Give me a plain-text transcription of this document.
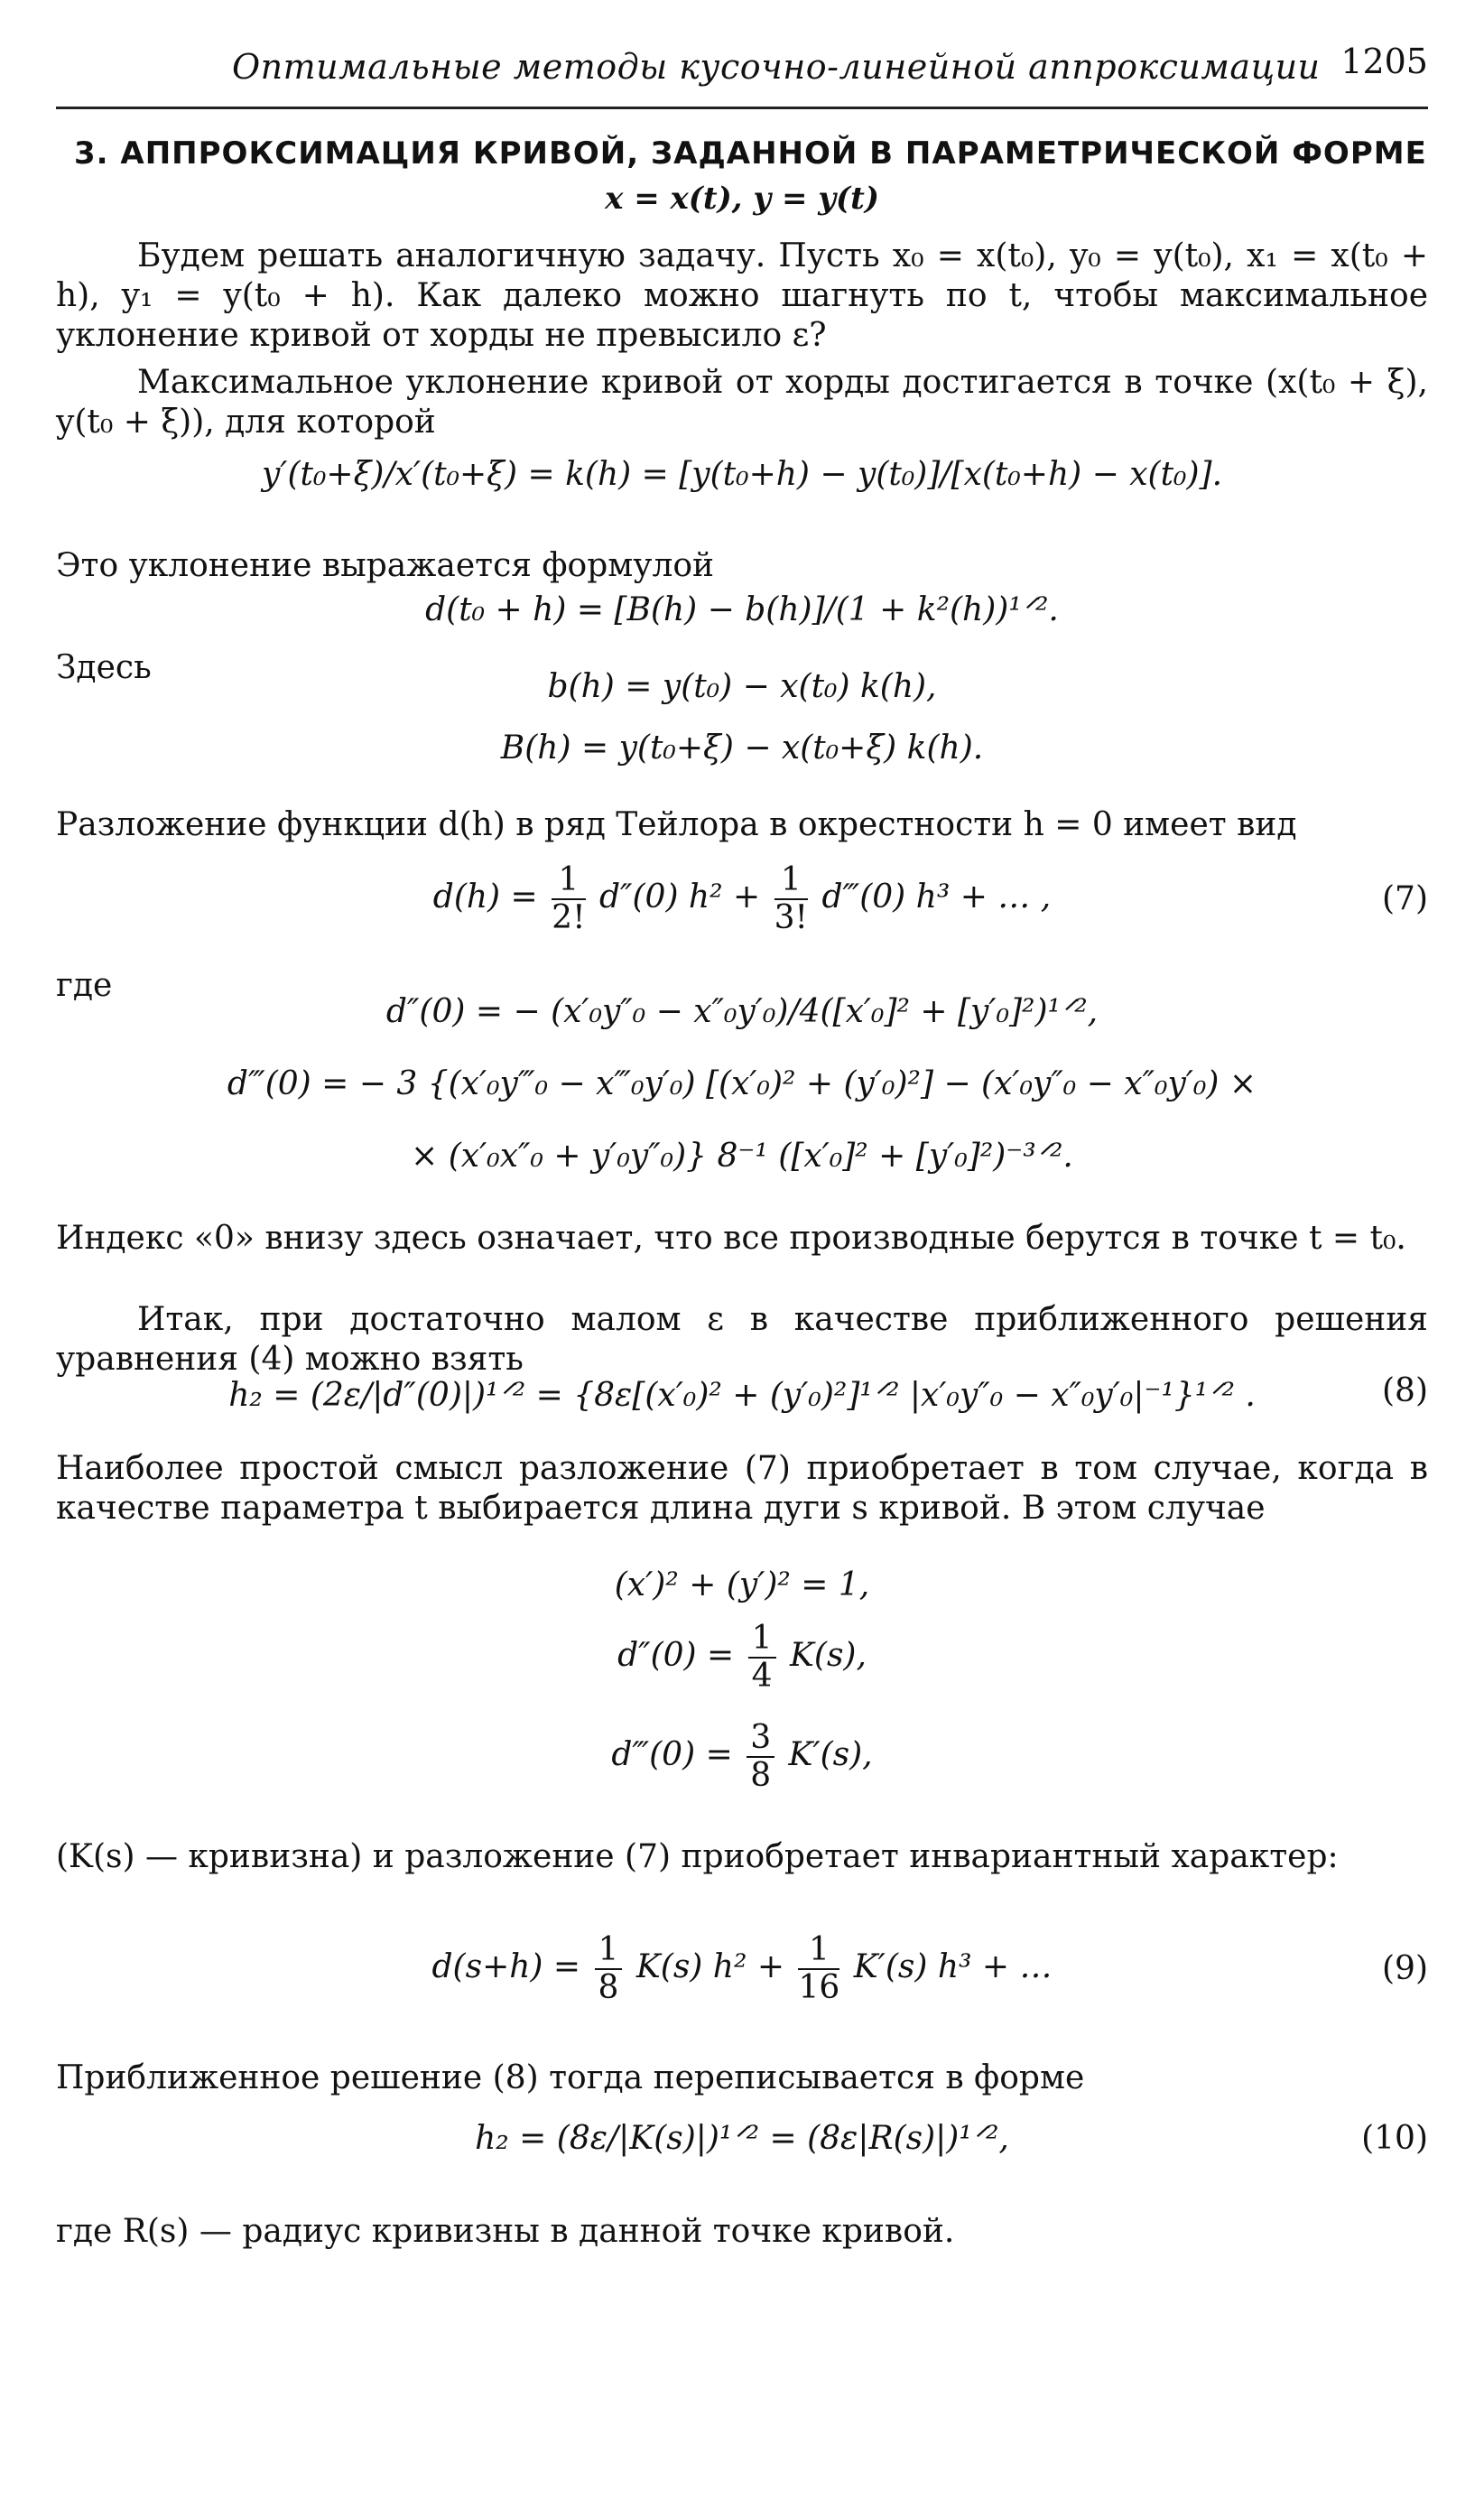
Оптимальные методы кусочно-линейной аппроксимации 1205
3. АППРОКСИМАЦИЯ КРИВОЙ, ЗАДАННОЙ В ПАРАМЕТРИЧЕСКОЙ ФОРМЕ
x = x(t), y = y(t)
Будем решать аналогичную задачу. Пусть x₀ = x(t₀), y₀ = y(t₀), x₁ = x(t₀ + h), y₁ = y(t₀ + h). Как далеко можно шагнуть по t, чтобы максимальное уклонение кривой от хорды не превысило ε?
Максимальное уклонение кривой от хорды достигается в точке (x(t₀ + ξ), y(t₀ + ξ)), для которой
y′(t₀+ξ)/x′(t₀+ξ) = k(h) = [y(t₀+h) − y(t₀)]/[x(t₀+h) − x(t₀)].
Это уклонение выражается формулой
d(t₀ + h) = [B(h) − b(h)]/(1 + k²(h))¹ᐟ².
Здесь
b(h) = y(t₀) − x(t₀) k(h),
B(h) = y(t₀+ξ) − x(t₀+ξ) k(h).
Разложение функции d(h) в ряд Тейлора в окрестности h = 0 имеет вид
$d(h) = \frac{1}{2!} d''(0) h^2 + \frac{1}{3!}$ d‴(0) h³ + … ,	(7)
где
d″(0) = − (x′₀y″₀ − x″₀y′₀)/4([x′₀]² + [y′₀]²)¹ᐟ²,
d‴(0) = − 3 {(x′₀y‴₀ − x‴₀y′₀) [(x′₀)² + (y′₀)²] − (x′₀y″₀ − x″₀y′₀) ×
× (x′₀x″₀ + y′₀y″₀)} 8⁻¹ ([x′₀]² + [y′₀]²)⁻³ᐟ².
Индекс «0» внизу здесь означает, что все производные берутся в точке t = t₀.
Итак, при достаточно малом ε в качестве приближенного решения уравнения (4) можно взять
h₂ = (2ε/|d″(0)|)¹ᐟ² = {8ε[(x′₀)² + (y′₀)²]¹ᐟ² |x′₀y″₀ − x″₀y′₀|⁻¹}¹ᐟ² .	(8)
Наиболее простой смысл разложение (7) приобретает в том случае, когда в качестве параметра t выбирается длина дуги s кривой. В этом случае
(x′)² + (y′)² = 1,
$d''(0) = \frac{1}{4} K(s)$,
d‴(0) = $\frac{3}{8} K'(s)$,
(K(s) — кривизна) и разложение (7) приобретает инвариантный характер:
$d(s+h) = \frac{1}{8} K(s) h^2 + \frac{1}{16} K'(s) h^3$ + …	(9)
Приближенное решение (8) тогда переписывается в форме
h₂ = (8ε/|K(s)|)¹ᐟ² = (8ε|R(s)|)¹ᐟ²,	(10)
где R(s) — радиус кривизны в данной точке кривой.
